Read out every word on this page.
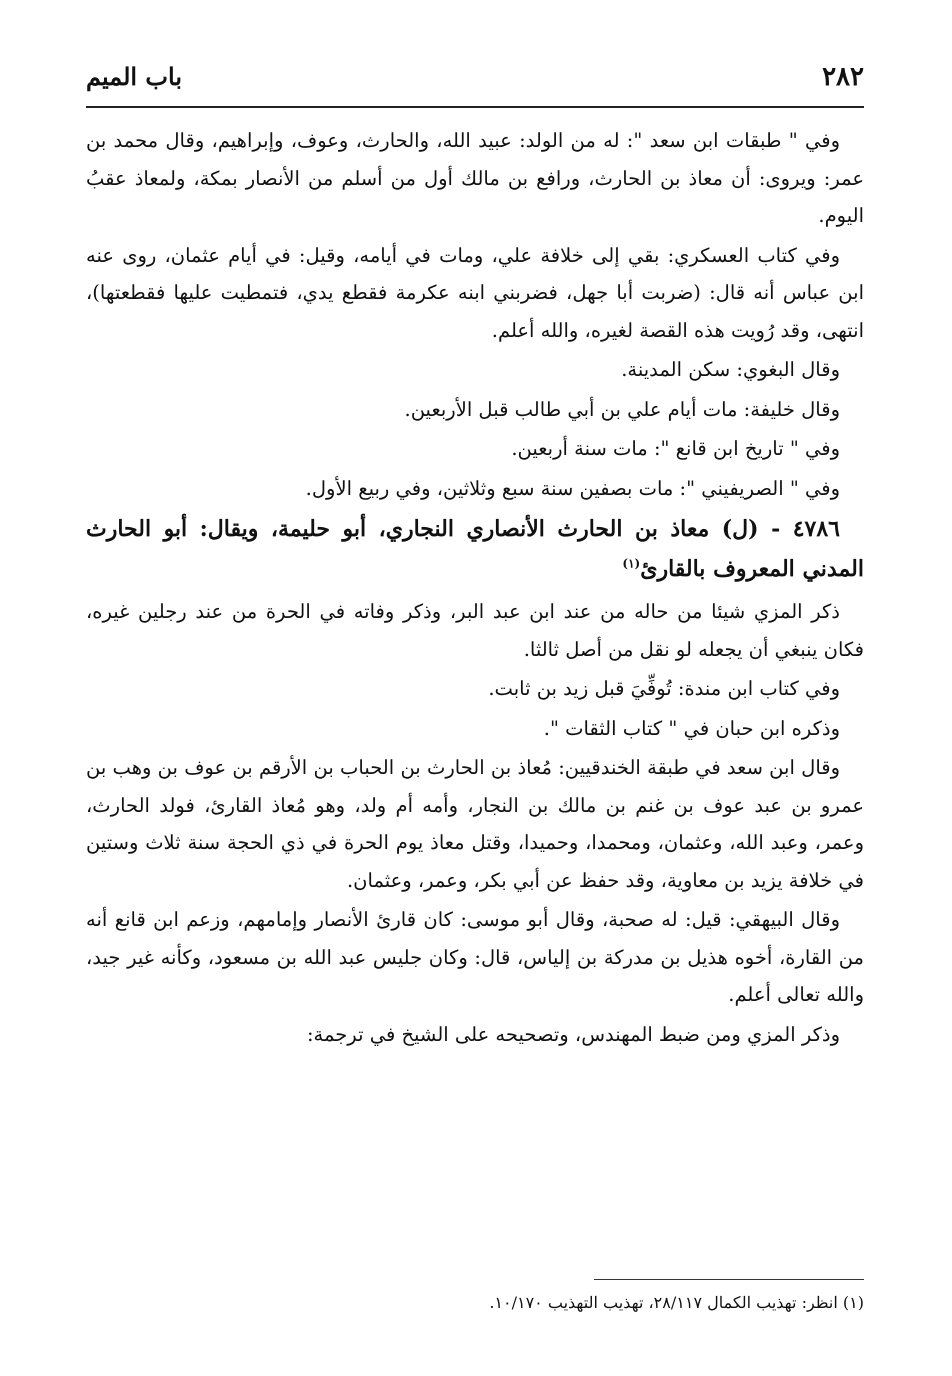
٢٨٢
باب الميم

وفي " طبقات ابن سعد ": له من الولد: عبيد الله، والحارث، وعوف، وإبراهيم، وقال محمد بن عمر: ويروى: أن معاذ بن الحارث، ورافع بن مالك أول من أسلم من الأنصار بمكة، ولمعاذ عقبُ اليوم.

وفي كتاب العسكري: بقي إلى خلافة علي، ومات في أيامه، وقيل: في أيام عثمان، روى عنه ابن عباس أنه قال: (ضربت أبا جهل، فضربني ابنه عكرمة فقطع يدي، فتمطيت عليها فقطعتها)، انتهى، وقد رُويت هذه القصة لغيره، والله أعلم.

وقال البغوي: سكن المدينة.

وقال خليفة: مات أيام علي بن أبي طالب قبل الأربعين.

وفي " تاريخ ابن قانع ": مات سنة أربعين.

وفي " الصريفيني ": مات بصفين سنة سبع وثلاثين، وفي ربيع الأول.

٤٧٨٦ - (ل) معاذ بن الحارث الأنصاري النجاري، أبو حليمة، ويقال: أبو الحارث المدني المعروف بالقارئ$^{(١)}$

ذكر المزي شيئا من حاله من عند ابن عبد البر، وذكر وفاته في الحرة من عند رجلين غيره، فكان ينبغي أن يجعله لو نقل من أصل ثالثا.

وفي كتاب ابن مندة: تُوفِّيَ قبل زيد بن ثابت.

وذكره ابن حبان في " كتاب الثقات ".

وقال ابن سعد في طبقة الخندقيين: مُعاذ بن الحارث بن الحباب بن الأرقم بن عوف بن وهب بن عمرو بن عبد عوف بن غنم بن مالك بن النجار، وأمه أم ولد، وهو مُعاذ القارئ، فولد الحارث، وعمر، وعبد الله، وعثمان، ومحمدا، وحميدا، وقتل معاذ يوم الحرة في ذي الحجة سنة ثلاث وستين في خلافة يزيد بن معاوية، وقد حفظ عن أبي بكر، وعمر، وعثمان.

وقال البيهقي: قيل: له صحبة، وقال أبو موسى: كان قارئ الأنصار وإمامهم، وزعم ابن قانع أنه من القارة، أخوه هذيل بن مدركة بن إلياس، قال: وكان جليس عبد الله بن مسعود، وكأنه غير جيد، والله تعالى أعلم.

وذكر المزي ومن ضبط المهندس، وتصحيحه على الشيخ في ترجمة:

(١) انظر: تهذيب الكمال ٢٨/١١٧، تهذيب التهذيب ١٠/١٧٠.
